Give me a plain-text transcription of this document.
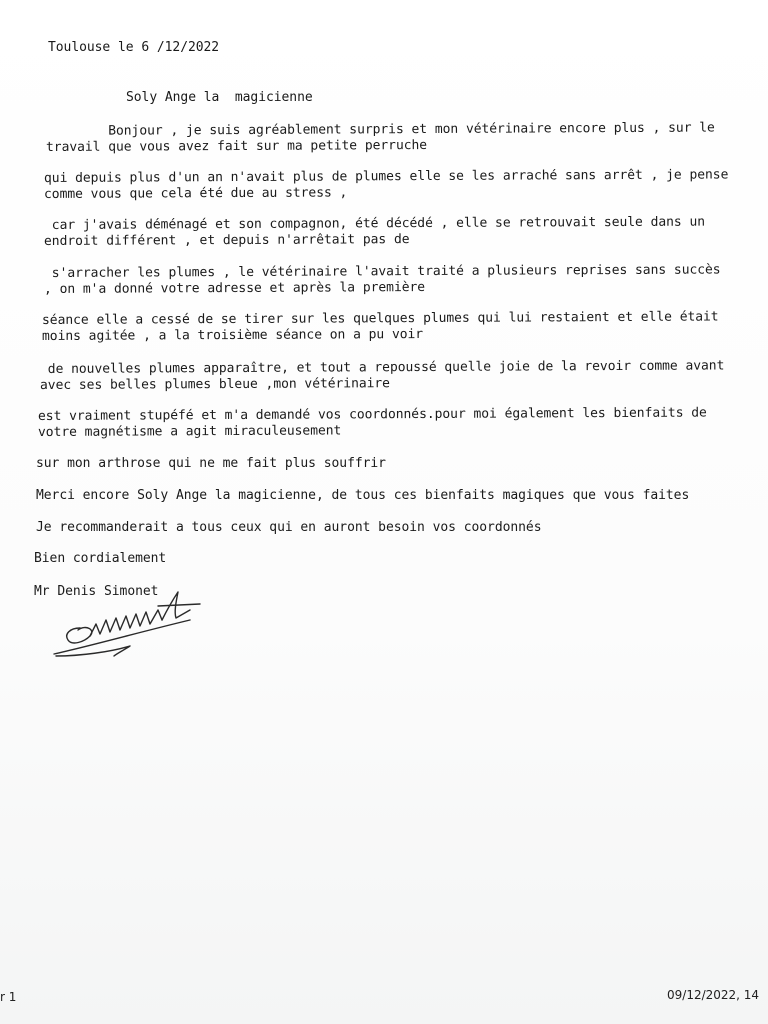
Toulouse le 6 /12/2022
Soly Ange la  magicienne
Bonjour , je suis agréablement surpris et mon vétérinaire encore plus , sur le
travail que vous avez fait sur ma petite perruche
qui depuis plus d'un an n'avait plus de plumes elle se les arraché sans arrêt , je pense
comme vous que cela été due au stress ,
car j'avais déménagé et son compagnon, été décédé , elle se retrouvait seule dans un
endroit différent , et depuis n'arrêtait pas de
s'arracher les plumes , le vétérinaire l'avait traité a plusieurs reprises sans succès
, on m'a donné votre adresse et après la première
séance elle a cessé de se tirer sur les quelques plumes qui lui restaient et elle était
moins agitée , a la troisième séance on a pu voir
de nouvelles plumes apparaître, et tout a repoussé quelle joie de la revoir comme avant
avec ses belles plumes bleue ,mon vétérinaire
est vraiment stupéfé et m'a demandé vos coordonnés.pour moi également les bienfaits de
votre magnétisme a agit miraculeusement
sur mon arthrose qui ne me fait plus souffrir
Merci encore Soly Ange la magicienne, de tous ces bienfaits magiques que vous faites
Je recommanderait a tous ceux qui en auront besoin vos coordonnés
Bien cordialement
Mr Denis Simonet
r 1	09/12/2022, 14
